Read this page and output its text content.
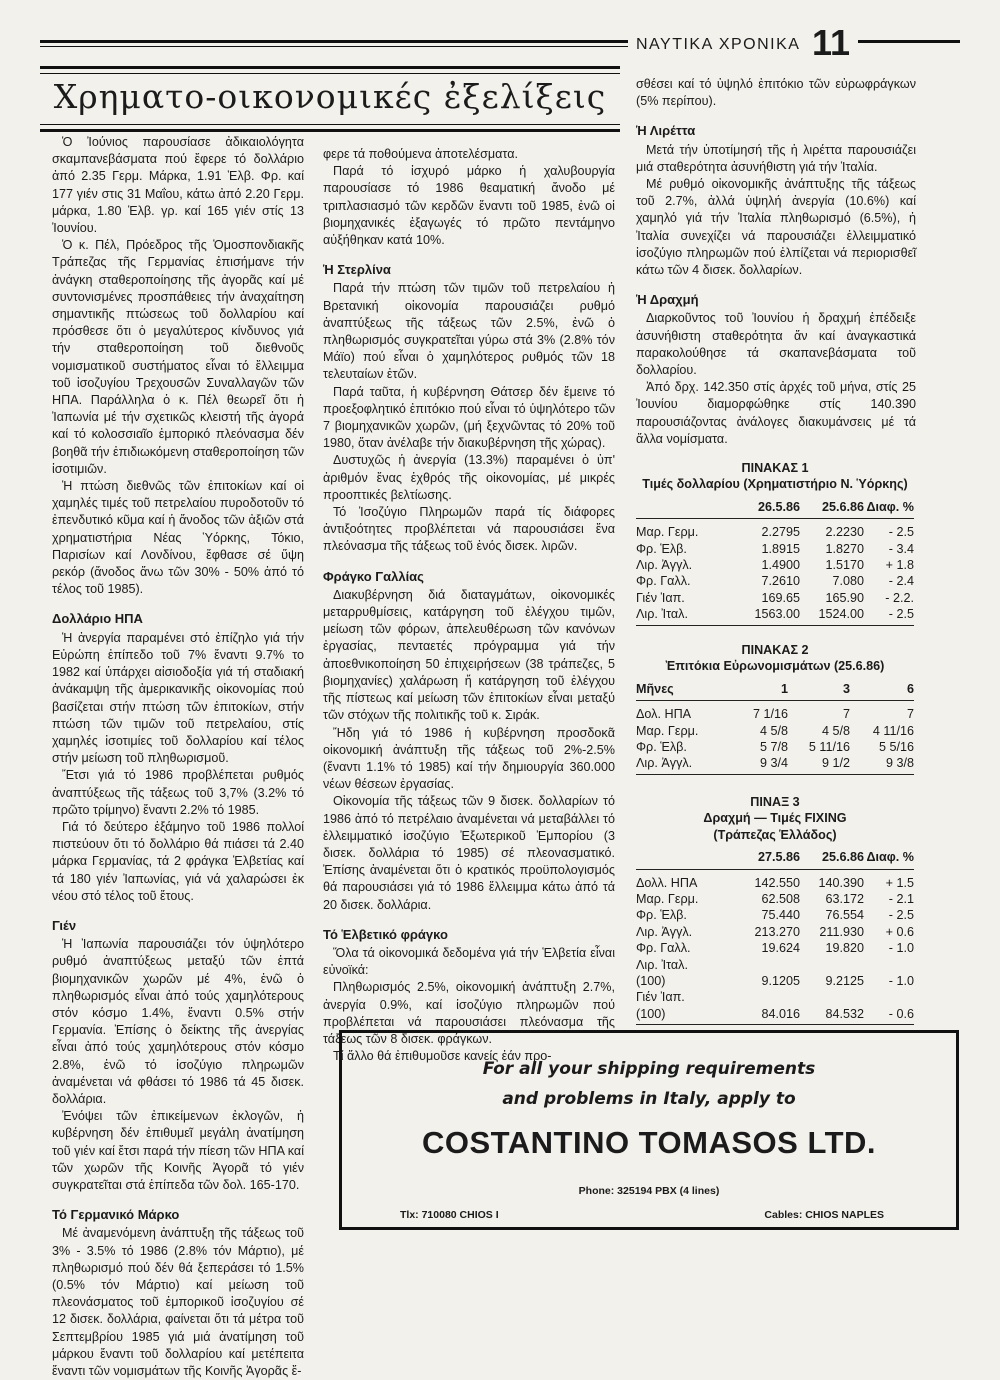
ΝΑΥΤΙΚΑ ΧΡΟΝΙΚΑ 11
Χρηματο-οικονομικές ἐξελίξεις

Ὁ Ἰούνιος παρουσίασε ἀδικαιολόγητα σκαμπανεβάσματα πού ἔφερε τό δολλάριο ἀπό 2.35 Γερμ. Μάρκα, 1.91 Ἑλβ. Φρ. καί 177 γιέν στις 31 Μαΐου, κάτω ἀπό 2.20 Γερμ. μάρκα, 1.80 Ἑλβ. γρ. καί 165 γιέν στίς 13 Ἰουνίου.

Ὁ κ. Πέλ, Πρόεδρος τῆς Ὁμοσπονδιακῆς Τράπεζας τῆς Γερμανίας ἐπισήμανε τήν ἀνάγκη σταθεροποίησης τῆς ἀγορᾶς καί μέ συντονισμένες προσπάθειες τήν ἀναχαίτηση σημαντικῆς πτώσεως τοῦ δολλαρίου καί πρόσθεσε ὅτι ὁ μεγαλύτερος κίνδυνος γιά τήν σταθεροποίηση τοῦ διεθνοῦς νομισματικοῦ συστήματος εἶναι τό ἔλλειμμα τοῦ ἰσοζυγίου Τρεχουσῶν Συναλλαγῶν τῶν ΗΠΑ. Παράλληλα ὁ κ. Πέλ θεωρεῖ ὅτι ἡ Ἰαπωνία μέ τήν σχετικῶς κλειστή τῆς ἀγορά καί τό κολοσσιαῖο ἐμπορικό πλεόνασμα δέν βοηθᾶ τήν ἐπιδιωκόμενη σταθεροποίηση τῶν ἰσοτιμιῶν.

Ἡ πτώση διεθνῶς τῶν ἐπιτοκίων καί οἱ χαμηλές τιμές τοῦ πετρελαίου πυροδοτοῦν τό ἐπενδυτικό κῦμα καί ἡ ἄνοδος τῶν ἀξιῶν στά χρηματιστήρια Νέας Ὑόρκης, Τόκιο, Παρισίων καί Λονδίνου, ἔφθασε σέ ὕψη ρεκόρ (ἄνοδος ἄνω τῶν 30% - 50% ἀπό τό τέλος τοῦ 1985).

Δολλάριο ΗΠΑ

Ἡ ἀνεργία παραμένει στό ἐπίζηλο γιά τήν Εὐρώπη ἐπίπεδο τοῦ 7% ἔναντι 9.7% το 1982 καί ὑπάρχει αἰσιοδοξία γιά τή σταδιακή ἀνάκαμψη τῆς ἀμερικανικῆς οἰκονομίας πού βασίζεται στήν πτώση τῶν ἐπιτοκίων, στήν πτώση τῶν τιμῶν τοῦ πετρελαίου, στίς χαμηλές ἰσοτιμίες τοῦ δολλαρίου καί τέλος στήν μείωση τοῦ πληθωρισμοῦ.

Ἔτσι γιά τό 1986 προβλέπεται ρυθμός ἀναπτύξεως τῆς τάξεως τοῦ 3,7% (3.2% τό πρῶτο τρίμηνο) ἔναντι 2.2% τό 1985.

Γιά τό δεύτερο ἑξάμηνο τοῦ 1986 πολλοί πιστεύουν ὅτι τό δολλάριο θά πιάσει τά 2.40 μάρκα Γερμανίας, τά 2 φράγκα Ἑλβετίας καί τά 180 γιέν Ἰαπωνίας, γιά νά χαλαρώσει ἐκ νέου στό τέλος τοῦ ἔτους.

Γιέν

Ἡ Ἰαπωνία παρουσιάζει τόν ὑψηλότερο ρυθμό ἀναπτύξεως μεταξύ τῶν ἑπτά βιομηχανικῶν χωρῶν μέ 4%, ἐνῶ ὁ πληθωρισμός εἶναι ἀπό τούς χαμηλότερους στόν κόσμο 1.4%, ἔναντι 0.5% στήν Γερμανία. Ἐπίσης ὁ δείκτης τῆς ἀνεργίας εἶναι ἀπό τούς χαμηλότερους στόν κόσμο 2.8%, ἐνῶ τό ἰσοζύγιο πληρωμῶν ἀναμένεται νά φθάσει τό 1986 τά 45 δισεκ. δολλάρια.

Ἐνόψει τῶν ἐπικείμενων ἐκλογῶν, ἡ κυβέρνηση δέν ἐπιθυμεῖ μεγάλη ἀνατίμηση τοῦ γιέν καί ἔτσι παρά τήν πίεση τῶν ΗΠΑ καί τῶν χωρῶν τῆς Κοινῆς Ἀγορᾶ τό γιέν συγκρατεῖται στά ἐπίπεδα τῶν δολ. 165-170.

Τό Γερμανικό Μάρκο

Μέ ἀναμενόμενη ἀνάπτυξη τῆς τάξεως τοῦ 3% - 3.5% τό 1986 (2.8% τόν Μάρτιο), μέ πληθωρισμό πού δέν θά ξεπεράσει τό 1.5% (0.5% τόν Μάρτιο) καί μείωση τοῦ πλεονάσματος τοῦ ἐμπορικοῦ ἰσοζυγίου σέ 12 δισεκ. δολλάρια, φαίνεται ὅτι τά μέτρα τοῦ Σεπτεμβρίου 1985 γιά μιά ἀνατίμηση τοῦ μάρκου ἔναντι τοῦ δολλαρίου καί μετέπειτα ἔναντι τῶν νομισμάτων τῆς Κοινῆς Ἀγορᾶς ἔ-

φερε τά ποθούμενα ἀποτελέσματα.

Παρά τό ἰσχυρό μάρκο ἡ χαλυβουργία παρουσίασε τό 1986 θεαματική ἄνοδο μέ τριπλασιασμό τῶν κερδῶν ἔναντι τοῦ 1985, ἐνῶ οἱ βιομηχανικές ἐξαγωγές τό πρῶτο πεντάμηνο αὐξήθηκαν κατά 10%.

Ἡ Στερλίνα

Παρά τήν πτώση τῶν τιμῶν τοῦ πετρελαίου ἡ Βρετανική οἰκονομία παρουσιάζει ρυθμό ἀναπτύξεως τῆς τάξεως τῶν 2.5%, ἐνῶ ὁ πληθωρισμός συγκρατεῖται γύρω στά 3% (2.8% τόν Μάϊο) πού εἶναι ὁ χαμηλότερος ρυθμός τῶν 18 τελευταίων ἐτῶν.

Παρά ταῦτα, ἡ κυβέρνηση Θάτσερ δέν ἔμεινε τό προεξοφλητικό ἐπιτόκιο πού εἶναι τό ὑψηλότερο τῶν 7 βιομηχανικῶν χωρῶν, (μή ξεχνῶντας τό 20% τοῦ 1980, ὅταν ἀνέλαβε τήν διακυβέρνηση τῆς χώρας).

Δυστυχῶς ἡ ἀνεργία (13.3%) παραμένει ὁ ὑπ' ἀριθμόν ἕνας ἐχθρός τῆς οἰκονομίας, μέ μικρές προοπτικές βελτίωσης.

Τό Ἰσοζύγιο Πληρωμῶν παρά τίς διάφορες ἀντιξοότητες προβλέπεται νά παρουσιάσει ἕνα πλεόνασμα τῆς τάξεως τοῦ ἑνός δισεκ. λιρῶν.

Φράγκο Γαλλίας

Διακυβέρνηση διά διαταγμάτων, οἰκονομικές μεταρρυθμίσεις, κατάργηση τοῦ ἐλέγχου τιμῶν, μείωση τῶν φόρων, ἀπελευθέρωση τῶν κανόνων ἐργασίας, πενταετές πρόγραμμα γιά τήν ἀποεθνικοποίηση 50 ἐπιχειρήσεων (38 τράπεζες, 5 βιομηχανίες) χαλάρωση ἤ κατάργηση τοῦ ἐλέγχου τῆς πίστεως καί μείωση τῶν ἐπιτοκίων εἶναι μεταξύ τῶν στόχων τῆς πολιτικῆς τοῦ κ. Σιράκ.

Ἤδη γιά τό 1986 ἡ κυβέρνηση προσδοκᾶ οἰκονομική ἀνάπτυξη τῆς τάξεως τοῦ 2%-2.5% (ἔναντι 1.1% τό 1985) καί τήν δημιουργία 360.000 νέων θέσεων ἐργασίας.

Οἰκονομία τῆς τάξεως τῶν 9 δισεκ. δολλαρίων τό 1986 ἀπό τό πετρέλαιο ἀναμένεται νά μεταβάλλει τό ἐλλειμματικό ἰσοζύγιο Ἐξωτερικοῦ Ἐμπορίου (3 δισεκ. δολλάρια τό 1985) σέ πλεονασματικό. Ἐπίσης ἀναμένεται ὅτι ὁ κρατικός προϋπολογισμός θά παρουσιάσει γιά τό 1986 ἔλλειμμα κάτω ἀπό τά 20 δισεκ. δολλάρια.

Τό Ἑλβετικό φράγκο

Ὅλα τά οἰκονομικά δεδομένα γιά τήν Ἑλβετία εἶναι εὐνοϊκά:

Πληθωρισμός 2.5%, οἰκονομική ἀνάπτυξη 2.7%, ἀνεργία 0.9%, καί ἰσοζύγιο πληρωμῶν πού προβλέπεται νά παρουσιάσει πλεόνασμα τῆς τάξεως τῶν 8 δισεκ. φράγκων.

Τί ἄλλο θά ἐπιθυμοῦσε κανείς ἐάν προ-

σθέσει καί τό ὑψηλό ἐπιτόκιο τῶν εὐρωφράγκων (5% περίπου).

Ἡ Λιρέττα

Μετά τήν ὑποτίμησή τῆς ἡ λιρέττα παρουσιάζει μιά σταθερότητα ἀσυνήθιστη γιά τήν Ἰταλία.

Μέ ρυθμό οἰκονομικῆς ἀνάπτυξης τῆς τάξεως τοῦ 2.7%, ἀλλά ὑψηλή ἀνεργία (10.6%) καί χαμηλό γιά τήν Ἰταλία πληθωρισμό (6.5%), ἡ Ἰταλία συνεχίζει νά παρουσιάζει ἐλλειμματικό ἰσοζύγιο πληρωμῶν πού ἐλπίζεται νά περιορισθεῖ κάτω τῶν 4 δισεκ. δολλαρίων.

Ἡ Δραχμή

Διαρκοῦντος τοῦ Ἰουνίου ἡ δραχμή ἐπέδειξε ἀσυνήθιστη σταθερότητα ἄν καί ἀναγκαστικά παρακολούθησε τά σκαπανεβάσματα τοῦ δολλαρίου.

Ἀπό δρχ. 142.350 στίς ἀρχές τοῦ μήνα, στίς 25 Ἰουνίου διαμορφώθηκε στίς 140.390 παρουσιάζοντας ἀνάλογες διακυμάνσεις μέ τά ἄλλα νομίσματα.

ΠΙΝΑΚΑΣ 1
Τιμές δολλαρίου (Χρηματιστήριο Ν. Ὑόρκης)
26.5.86	25.6.86 Διαφ. %
Μαρ. Γερμ.	2.2795	2.2230	- 2.5
Φρ. Ἑλβ.	1.8915	1.8270	- 3.4
Λιρ. Ἀγγλ.	1.4900	1.5170	+ 1.8
Φρ. Γαλλ.	7.2610	7.080	- 2.4
Γιέν Ἰαπ.	169.65	165.90	- 2.2.
Λιρ. Ἰταλ.	1563.00	1524.00	- 2.5
ΠΙΝΑΚΑΣ 2
Ἐπιτόκια Εὐρωνομισμάτων (25.6.86)
Μῆνες	1	3	6
Δολ. ΗΠΑ	7 1/16	7	7
Μαρ. Γερμ.	4 5/8	4 5/8	4 11/16
Φρ. Ἑλβ.	5 7/8	5 11/16	5 5/16
Λιρ. Ἀγγλ.	9 3/4	9 1/2	9 3/8
ΠΙΝΑΞ 3
Δραχμή — Τιμές FIXING
(Τράπεζας Ἑλλάδος)
27.5.86	25.6.86 Διαφ. %
Δολλ. ΗΠΑ	142.550	140.390	+ 1.5
Μαρ. Γερμ.	62.508	63.172	- 2.1
Φρ. Ἑλβ.	75.440	76.554	- 2.5
Λιρ. Ἀγγλ.	213.270	211.930	+ 0.6
Φρ. Γαλλ.	19.624	19.820	- 1.0
Λιρ. Ἰταλ.
(100)	9.1205	9.2125	- 1.0
Γιέν Ἰαπ.
(100)	84.016	84.532	- 0.6
For all your shipping requirements
and problems in Italy, apply to
COSTANTINO TOMASOS LTD.
Phone: 325194 PBX (4 lines)
Tlx: 710080 CHIOS I	Cables: CHIOS NAPLES
